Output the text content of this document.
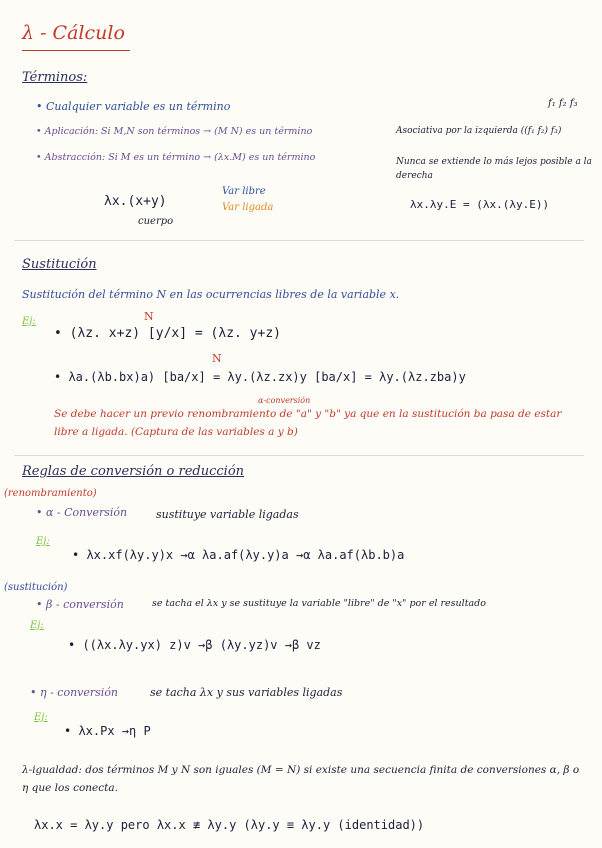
λ - Cálculo
Términos:
• Cualquier variable es un término
• Aplicación: Si M,N son términos → (M N) es un término
• Abstracción: Si M es un término → (λx.M) es un término
λx.(x+y)
cuerpo
Var libre
Var ligada
f₁ f₂ f₃
Asociativa por la izquierda ((f₁ f₂) f₃)
Nunca se extiende lo más lejos posible a la derecha
λx.λy.E = (λx.(λy.E))
Sustitución
Sustitución del término N en las ocurrencias libres de la variable x.
Ej:	N
• (λz. x+z) [y/x] = (λz. y+z)
N
α-conversión
• λa.(λb.bx)a) [ba/x] = λy.(λz.zx)y [ba/x] = λy.(λz.zba)y
Se debe hacer un previo renombramiento de "a" y "b" ya que en la sustitución ba pasa de estar libre a ligada. (Captura de las variables a y b)
Reglas de conversión o reducción
(renombramiento)
• α - Conversión	sustituye variable ligadas
Ej:
• λx.xf(λy.y)x →α λa.af(λy.y)a →α λa.af(λb.b)a
(sustitución)
• β - conversión	se tacha el λx y se sustituye la variable "libre" de "x" por el resultado
Ej:
• ((λx.λy.yx) z)v →β (λy.yz)v →β vz
• η - conversión	se tacha λx y sus variables ligadas
Ej:
• λx.Px →η P
λ-igualdad: dos términos M y N son iguales (M = N) si existe una secuencia finita de conversiones α, β o η que los conecta.
λx.x = λy.y pero λx.x ≢ λy.y (λy.y ≡ λy.y (identidad))
